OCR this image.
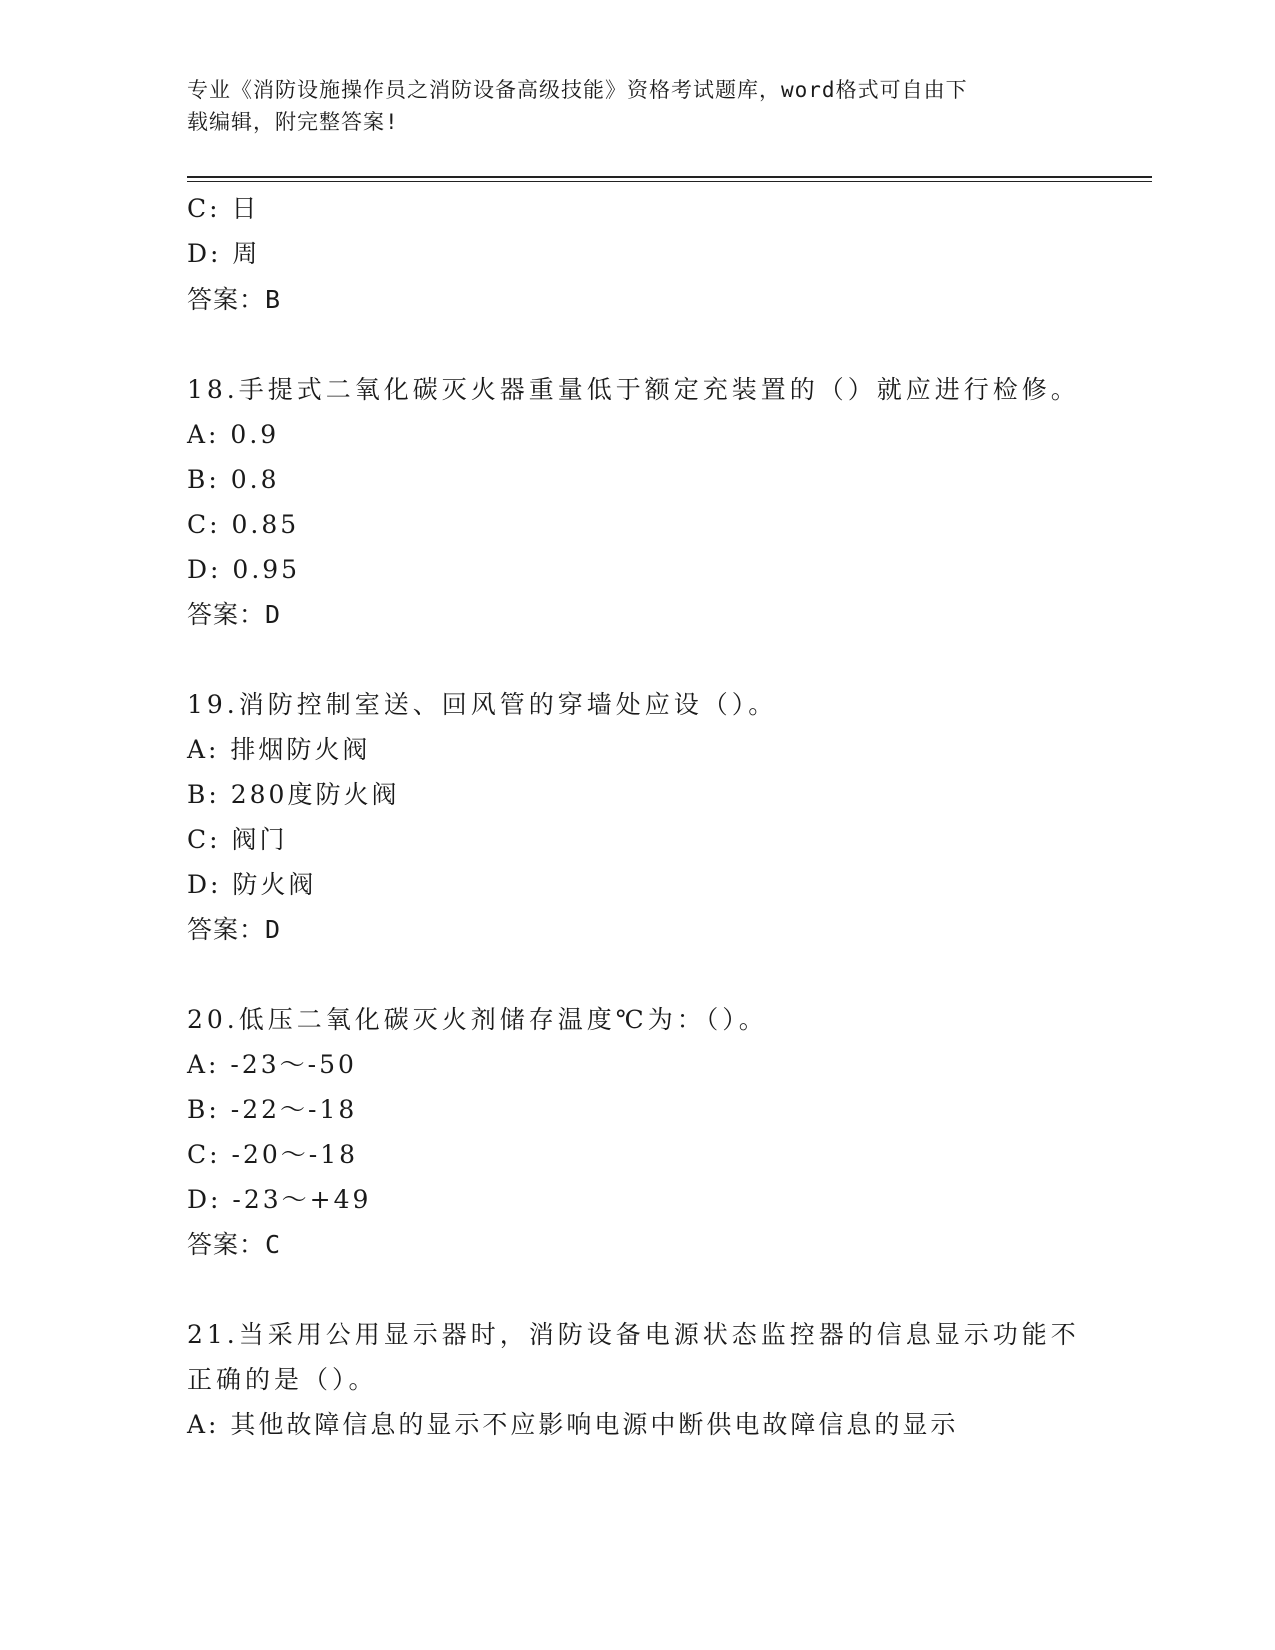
专业《消防设施操作员之消防设备高级技能》资格考试题库，word格式可自由下
载编辑，附完整答案!
C: 日
D: 周
答案：B
18.手提式二氧化碳灭火器重量低于额定充装置的（）就应进行检修。
A: 0.9
B: 0.8
C: 0.85
D: 0.95
答案：D
19.消防控制室送、回风管的穿墙处应设（）。
A: 排烟防火阀
B: 280度防火阀
C: 阀门
D: 防火阀
答案：D
20.低压二氧化碳灭火剂储存温度℃为：（）。
A: -23～-50
B: -22～-18
C: -20～-18
D: -23～+49
答案：C
21.当采用公用显示器时，消防设备电源状态监控器的信息显示功能不
正确的是（）。
A: 其他故障信息的显示不应影响电源中断供电故障信息的显示
